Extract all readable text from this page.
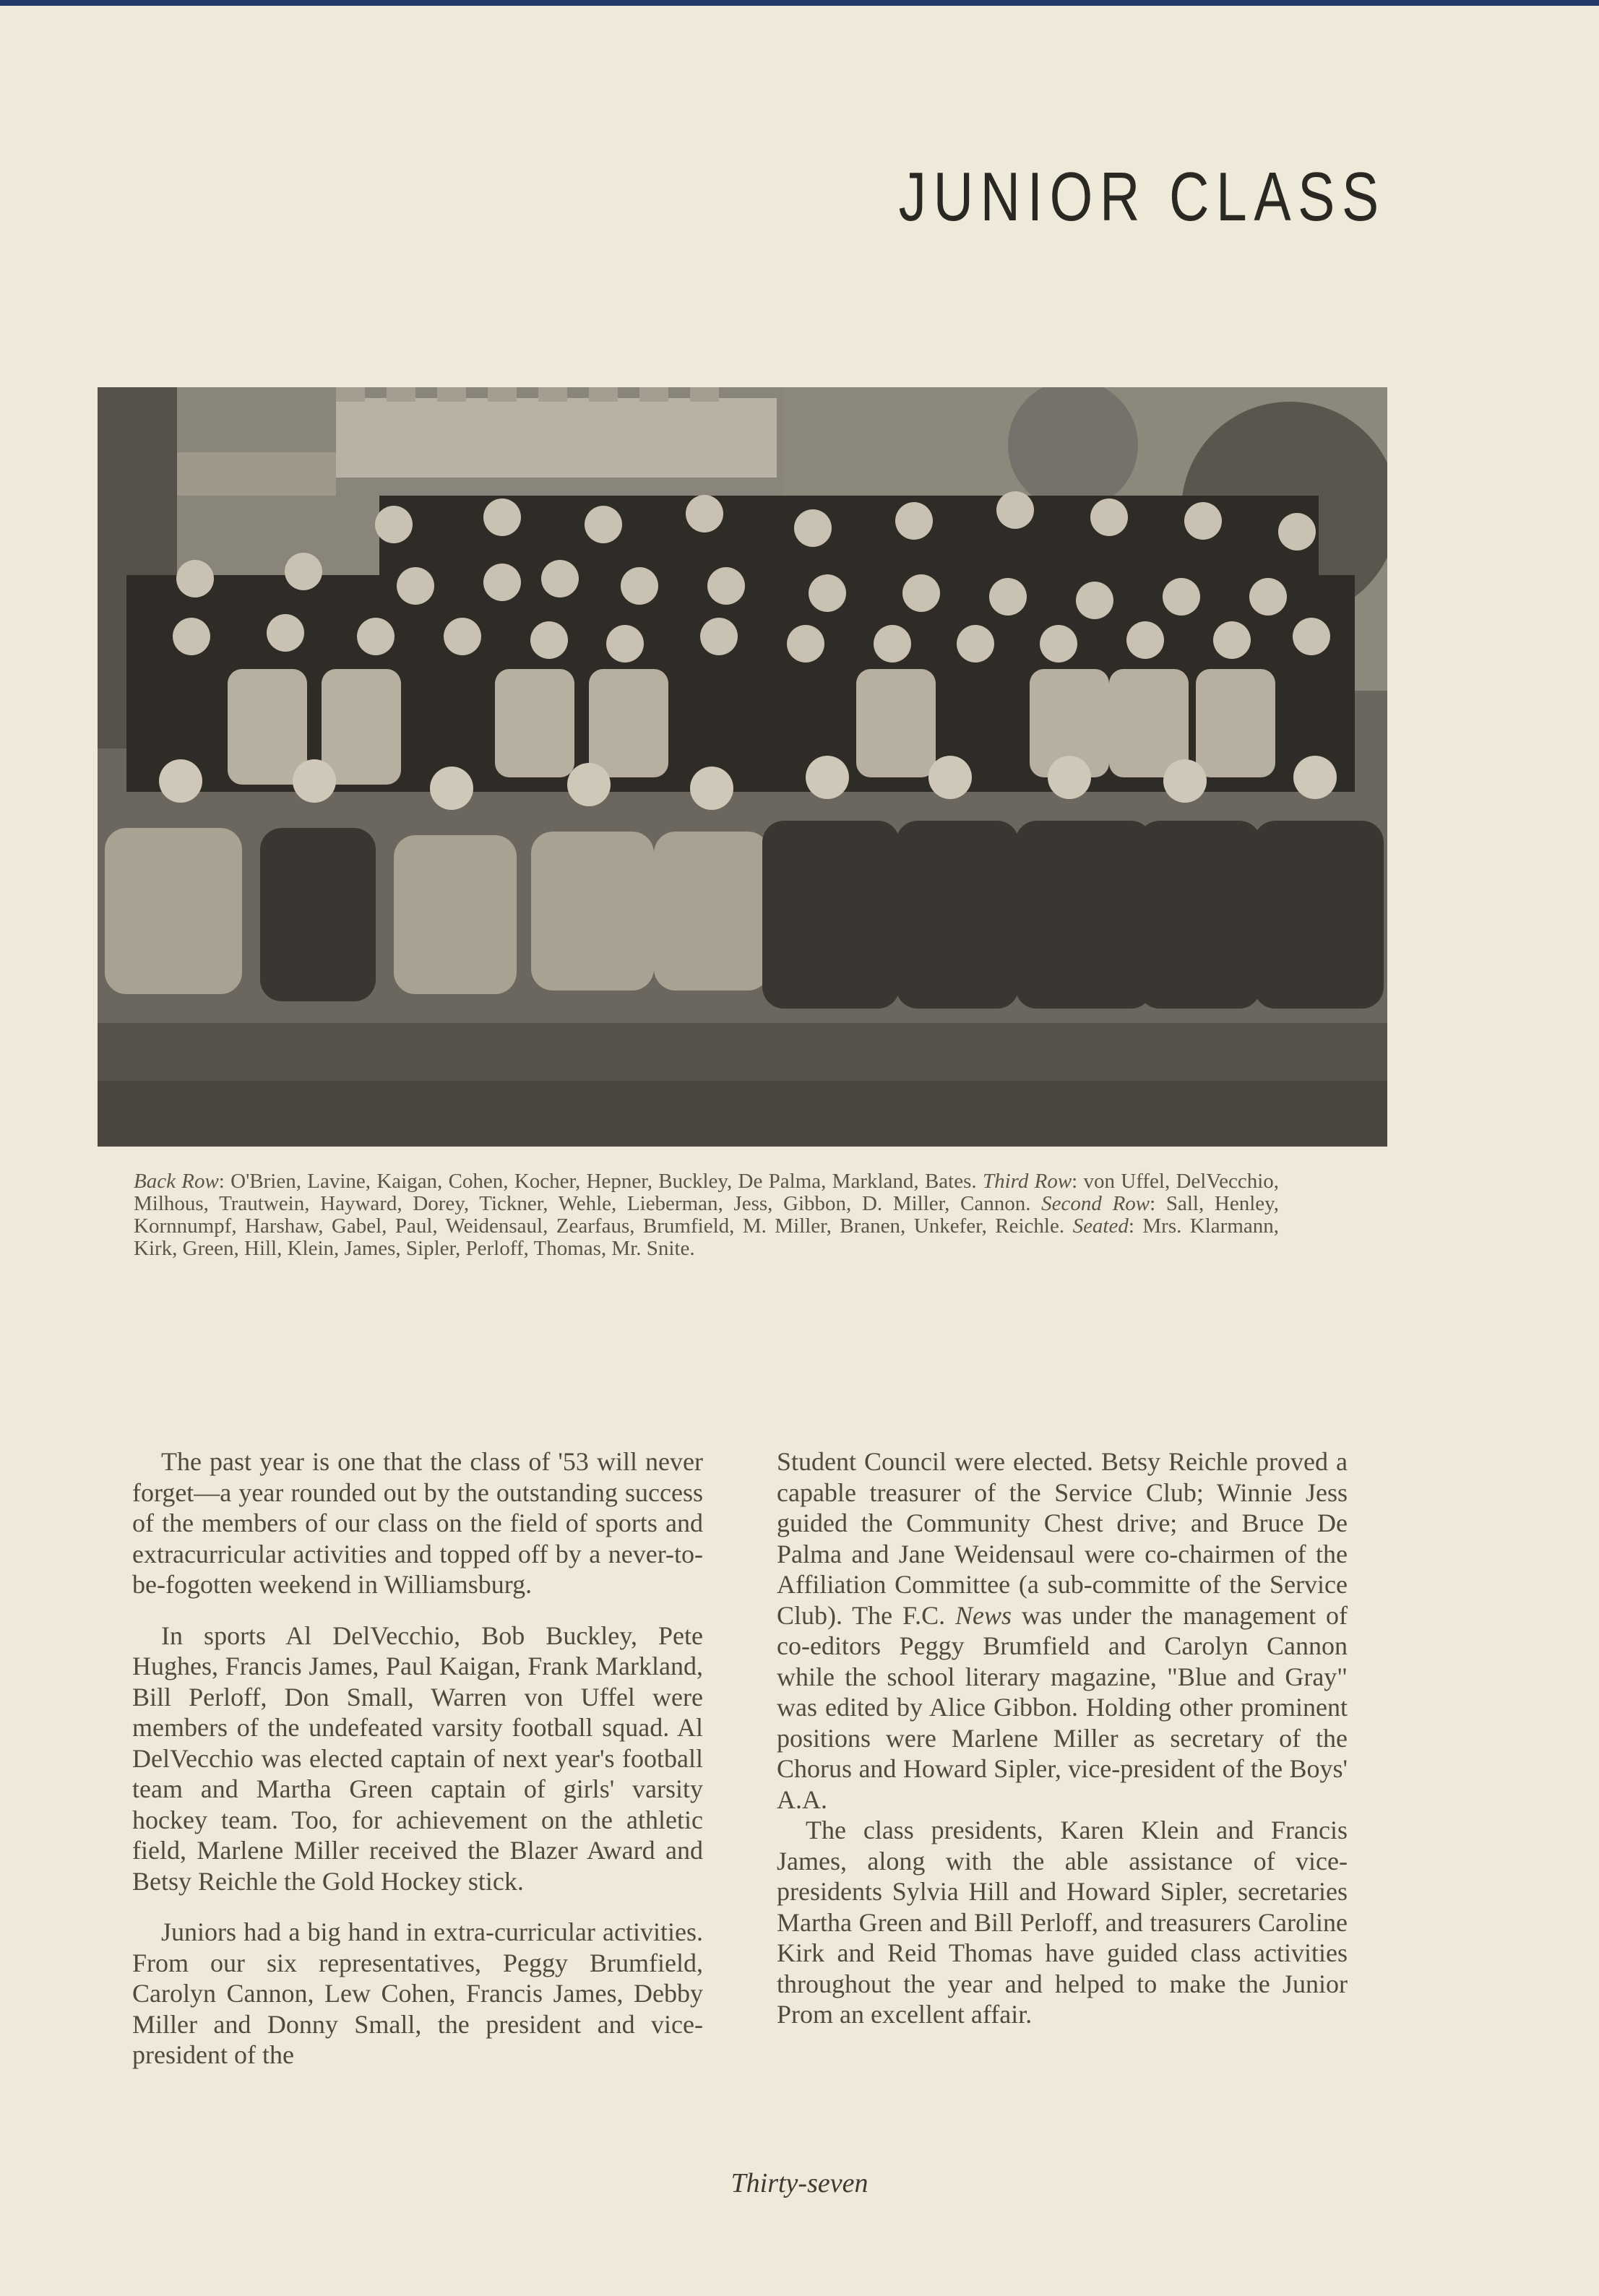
JUNIOR CLASS
Back Row: O'Brien, Lavine, Kaigan, Cohen, Kocher, Hepner, Buckley, De Palma, Markland, Bates. Third Row: von Uffel, DelVecchio, Milhous, Trautwein, Hayward, Dorey, Tickner, Wehle, Lieberman, Jess, Gibbon, D. Miller, Cannon. Second Row: Sall, Henley, Kornnumpf, Harshaw, Gabel, Paul, Weidensaul, Zearfaus, Brumfield, M. Miller, Branen, Unkefer, Reichle. Seated: Mrs. Klarmann, Kirk, Green, Hill, Klein, James, Sipler, Perloff, Thomas, Mr. Snite.

The past year is one that the class of '53 will never forget—a year rounded out by the outstanding success of the members of our class on the field of sports and extracurricular activities and topped off by a never-to-be-fogotten weekend in Williamsburg.

In sports Al DelVecchio, Bob Buckley, Pete Hughes, Francis James, Paul Kaigan, Frank Markland, Bill Perloff, Don Small, Warren von Uffel were members of the undefeated varsity football squad. Al DelVecchio was elected captain of next year's football team and Martha Green captain of girls' varsity hockey team. Too, for achievement on the athletic field, Marlene Miller received the Blazer Award and Betsy Reichle the Gold Hockey stick.

Juniors had a big hand in extra-curricular activities. From our six representatives, Peggy Brumfield, Carolyn Cannon, Lew Cohen, Francis James, Debby Miller and Donny Small, the president and vice-president of the

Student Council were elected. Betsy Reichle proved a capable treasurer of the Service Club; Winnie Jess guided the Community Chest drive; and Bruce De Palma and Jane Weidensaul were co-chairmen of the Affiliation Committee (a sub-committe of the Service Club). The F.C. News was under the management of co-editors Peggy Brumfield and Carolyn Cannon while the school literary magazine, "Blue and Gray" was edited by Alice Gibbon. Holding other prominent positions were Marlene Miller as secretary of the Chorus and Howard Sipler, vice-president of the Boys' A.A.

The class presidents, Karen Klein and Francis James, along with the able assistance of vice-presidents Sylvia Hill and Howard Sipler, secretaries Martha Green and Bill Perloff, and treasurers Caroline Kirk and Reid Thomas have guided class activities throughout the year and helped to make the Junior Prom an excellent affair.

Thirty-seven
